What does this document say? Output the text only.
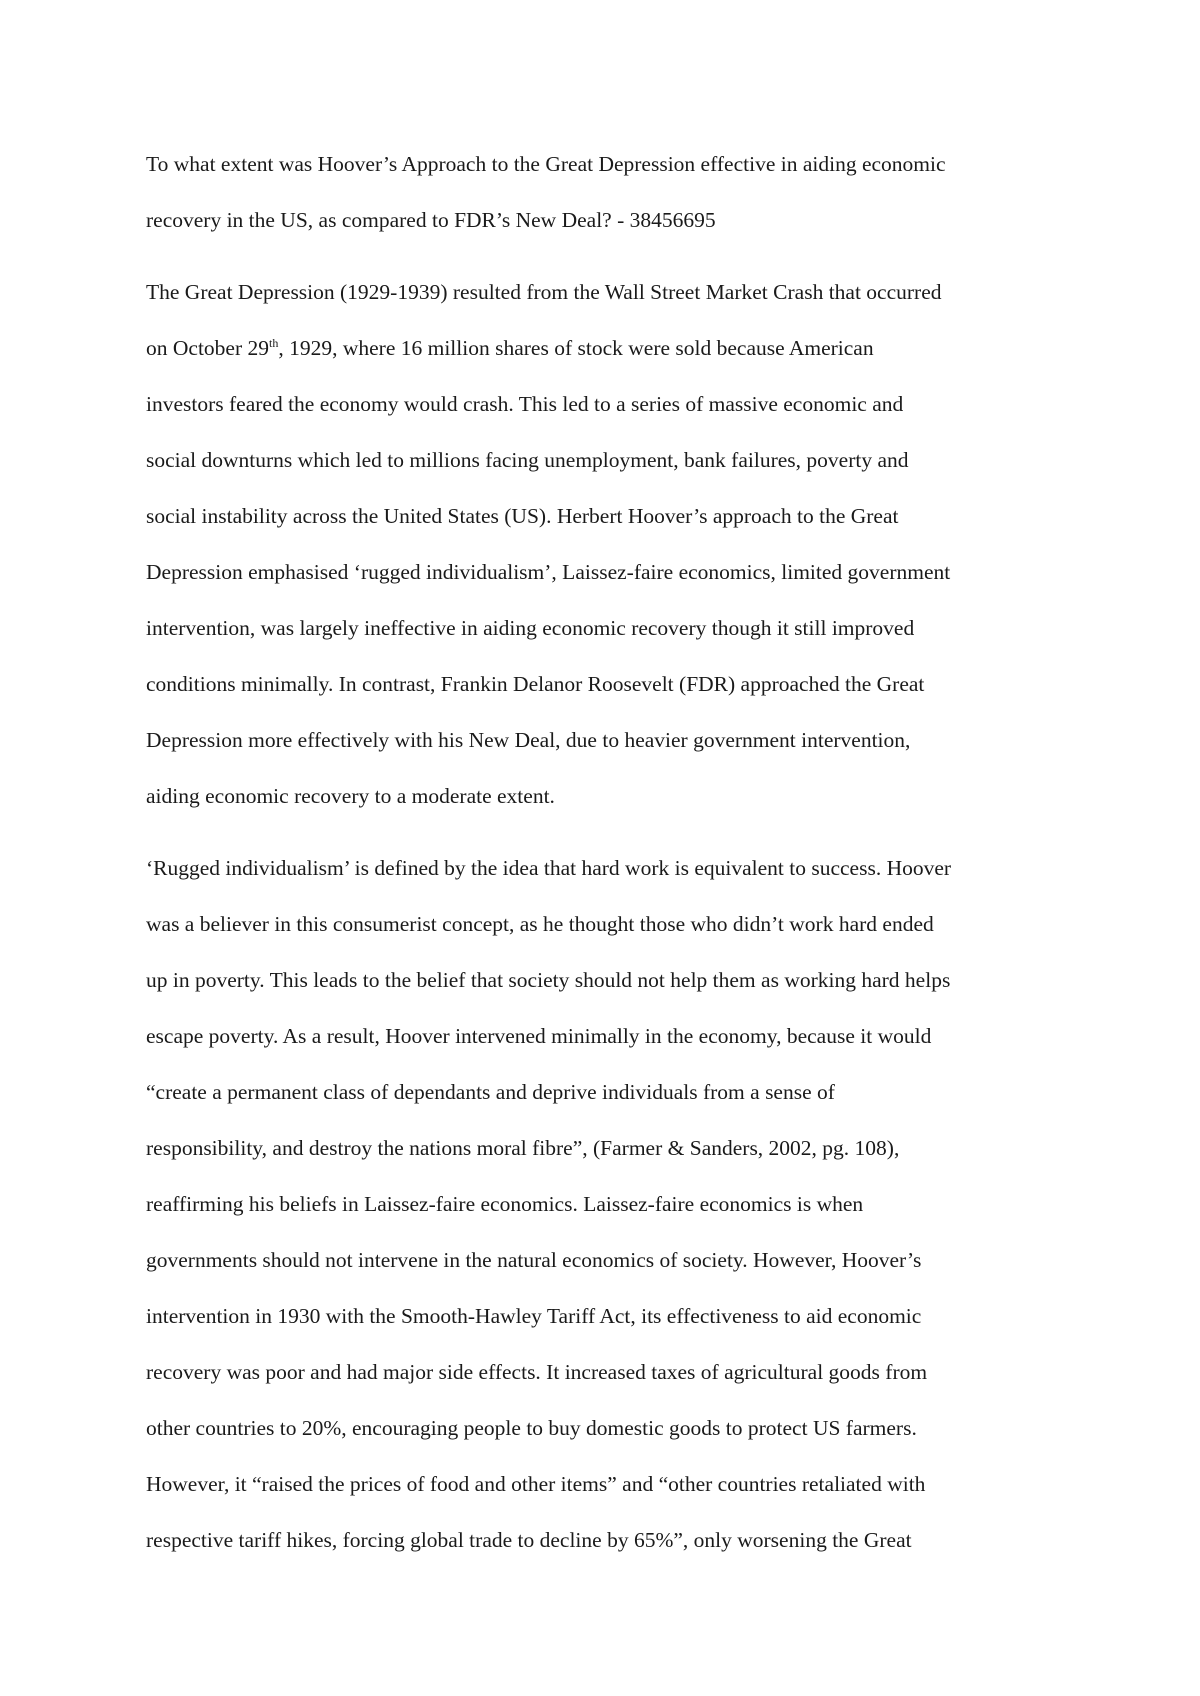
To what extent was Hoover’s Approach to the Great Depression effective in aiding economic
recovery in the US, as compared to FDR’s New Deal? - 38456695
The Great Depression (1929-1939) resulted from the Wall Street Market Crash that occurred
on October 29th, 1929, where 16 million shares of stock were sold because American
investors feared the economy would crash. This led to a series of massive economic and
social downturns which led to millions facing unemployment, bank failures, poverty and
social instability across the United States (US). Herbert Hoover’s approach to the Great
Depression emphasised ‘rugged individualism’, Laissez-faire economics, limited government
intervention, was largely ineffective in aiding economic recovery though it still improved
conditions minimally. In contrast, Frankin Delanor Roosevelt (FDR) approached the Great
Depression more effectively with his New Deal, due to heavier government intervention,
aiding economic recovery to a moderate extent.
‘Rugged individualism’ is defined by the idea that hard work is equivalent to success. Hoover
was a believer in this consumerist concept, as he thought those who didn’t work hard ended
up in poverty. This leads to the belief that society should not help them as working hard helps
escape poverty. As a result, Hoover intervened minimally in the economy, because it would
“create a permanent class of dependants and deprive individuals from a sense of
responsibility, and destroy the nations moral fibre”, (Farmer & Sanders, 2002, pg. 108),
reaffirming his beliefs in Laissez-faire economics. Laissez-faire economics is when
governments should not intervene in the natural economics of society. However, Hoover’s
intervention in 1930 with the Smooth-Hawley Tariff Act, its effectiveness to aid economic
recovery was poor and had major side effects. It increased taxes of agricultural goods from
other countries to 20%, encouraging people to buy domestic goods to protect US farmers.
However, it “raised the prices of food and other items” and “other countries retaliated with
respective tariff hikes, forcing global trade to decline by 65%”, only worsening the Great
